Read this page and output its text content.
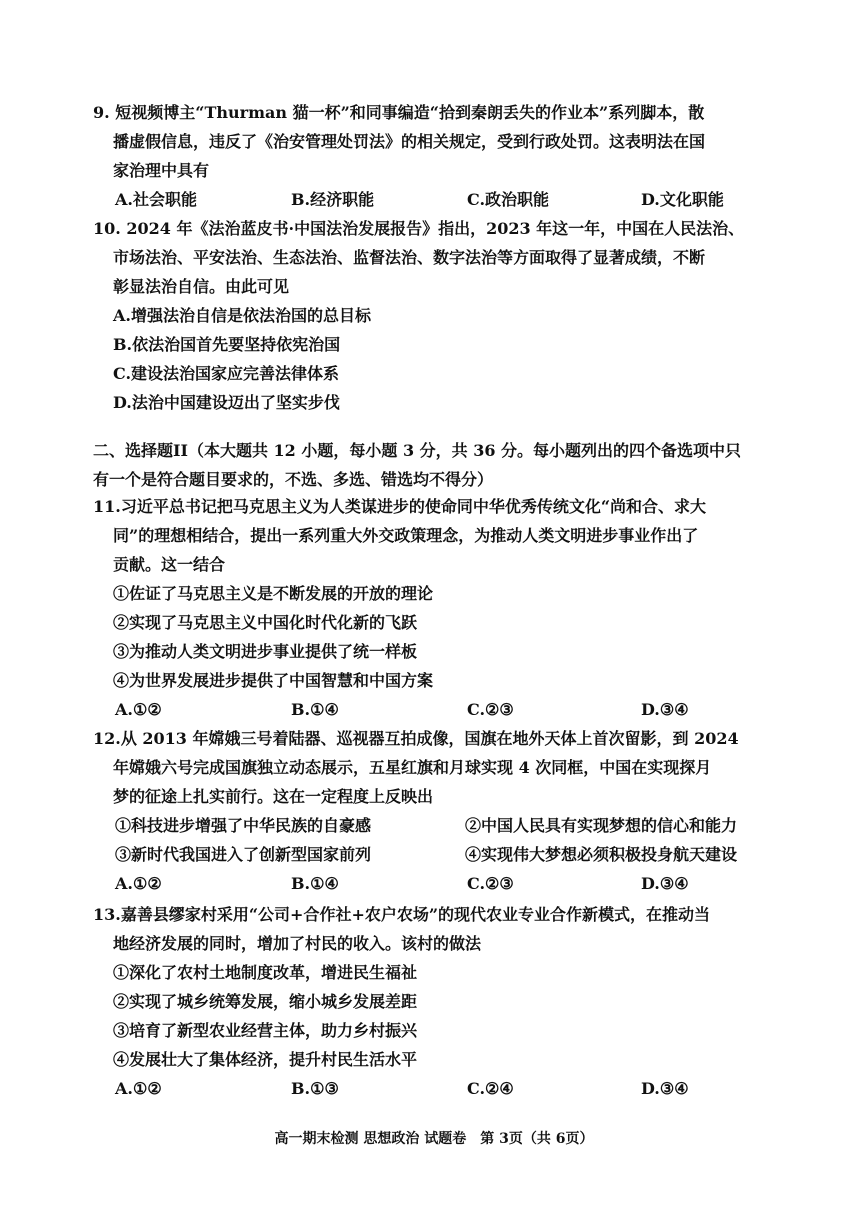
9. 短视频博主“Thurman 猫一杯”和同事编造“拾到秦朗丢失的作业本”系列脚本，散
播虚假信息，违反了《治安管理处罚法》的相关规定，受到行政处罚。这表明法在国
家治理中具有
A.社会职能	B.经济职能	C.政治职能	D.文化职能
10. 2024 年《法治蓝皮书·中国法治发展报告》指出，2023 年这一年，中国在人民法治、
市场法治、平安法治、生态法治、监督法治、数字法治等方面取得了显著成绩，不断
彰显法治自信。由此可见
A.增强法治自信是依法治国的总目标
B.依法治国首先要坚持依宪治国
C.建设法治国家应完善法律体系
D.法治中国建设迈出了坚实步伐
二、选择题II（本大题共 12 小题，每小题 3 分，共 36 分。每小题列出的四个备选项中只
有一个是符合题目要求的，不选、多选、错选均不得分）
11.习近平总书记把马克思主义为人类谋进步的使命同中华优秀传统文化“尚和合、求大
同”的理想相结合，提出一系列重大外交政策理念，为推动人类文明进步事业作出了
贡献。这一结合
①佐证了马克思主义是不断发展的开放的理论
②实现了马克思主义中国化时代化新的飞跃
③为推动人类文明进步事业提供了统一样板
④为世界发展进步提供了中国智慧和中国方案
A.①②	B.①④	C.②③	D.③④
12.从 2013 年嫦娥三号着陆器、巡视器互拍成像，国旗在地外天体上首次留影，到 2024
年嫦娥六号完成国旗独立动态展示，五星红旗和月球实现 4 次同框，中国在实现探月
梦的征途上扎实前行。这在一定程度上反映出
①科技进步增强了中华民族的自豪感	②中国人民具有实现梦想的信心和能力
③新时代我国进入了创新型国家前列	④实现伟大梦想必须积极投身航天建设
A.①②	B.①④	C.②③	D.③④
13.嘉善县缪家村采用“公司+合作社+农户农场”的现代农业专业合作新模式，在推动当
地经济发展的同时，增加了村民的收入。该村的做法
①深化了农村土地制度改革，增进民生福祉
②实现了城乡统筹发展，缩小城乡发展差距
③培育了新型农业经营主体，助力乡村振兴
④发展壮大了集体经济，提升村民生活水平
A.①②	B.①③	C.②④	D.③④
高一期末检测 思想政治 试题卷　第 3页（共 6页）
